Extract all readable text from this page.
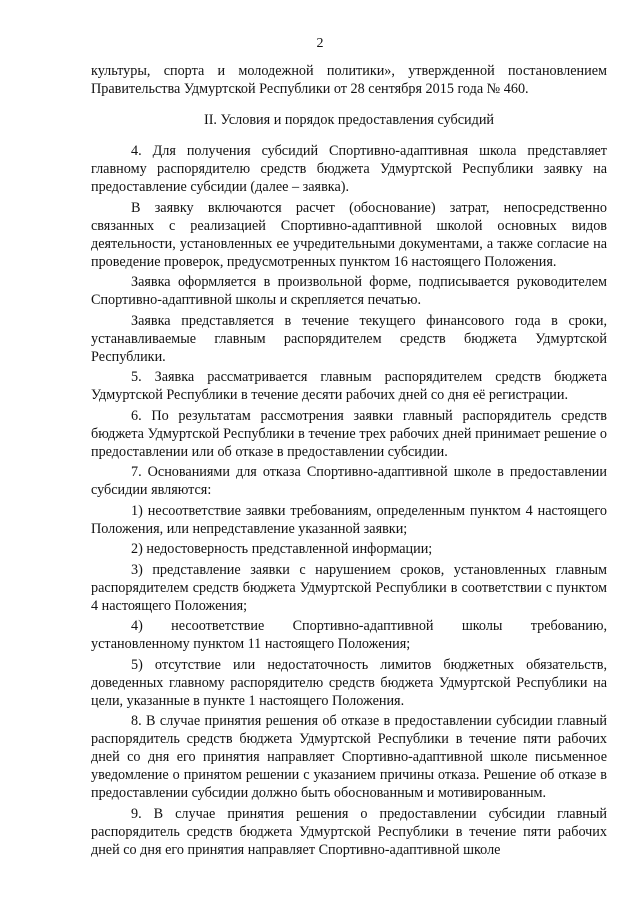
2

культуры, спорта и молодежной политики», утвержденной постановлением Правительства Удмуртской Республики от 28 сентября 2015 года № 460.

II. Условия и порядок предоставления субсидий

4. Для получения субсидий Спортивно-адаптивная школа представляет главному распорядителю средств бюджета Удмуртской Республики заявку на предоставление субсидии (далее – заявка).

В заявку включаются расчет (обоснование) затрат, непосредственно связанных с реализацией Спортивно-адаптивной школой основных видов деятельности, установленных ее учредительными документами, а также согласие на проведение проверок, предусмотренных пунктом 16 настоящего Положения.

Заявка оформляется в произвольной форме, подписывается руководителем Спортивно-адаптивной школы и скрепляется печатью.

Заявка представляется в течение текущего финансового года в сроки, устанавливаемые главным распорядителем средств бюджета Удмуртской Республики.

5. Заявка рассматривается главным распорядителем средств бюджета Удмуртской Республики в течение десяти рабочих дней со дня её регистрации.

6. По результатам рассмотрения заявки главный распорядитель средств бюджета Удмуртской Республики в течение трех рабочих дней принимает решение о предоставлении или об отказе в предоставлении субсидии.

7. Основаниями для отказа Спортивно-адаптивной школе в предоставлении субсидии являются:

1) несоответствие заявки требованиям, определенным пунктом 4 настоящего Положения, или непредставление указанной заявки;

2) недостоверность представленной информации;

3) представление заявки с нарушением сроков, установленных главным распорядителем средств бюджета Удмуртской Республики в соответствии с пунктом 4 настоящего Положения;

4) несоответствие Спортивно-адаптивной школы требованию, установленному пунктом 11 настоящего Положения;

5) отсутствие или недостаточность лимитов бюджетных обязательств, доведенных главному распорядителю средств бюджета Удмуртской Республики на цели, указанные в пункте 1 настоящего Положения.

8. В случае принятия решения об отказе в предоставлении субсидии главный распорядитель средств бюджета Удмуртской Республики в течение пяти рабочих дней со дня его принятия направляет Спортивно-адаптивной школе письменное уведомление о принятом решении с указанием причины отказа. Решение об отказе в предоставлении субсидии должно быть обоснованным и мотивированным.

9. В случае принятия решения о предоставлении субсидии главный распорядитель средств бюджета Удмуртской Республики в течение пяти рабочих дней со дня его принятия направляет Спортивно-адаптивной школе
